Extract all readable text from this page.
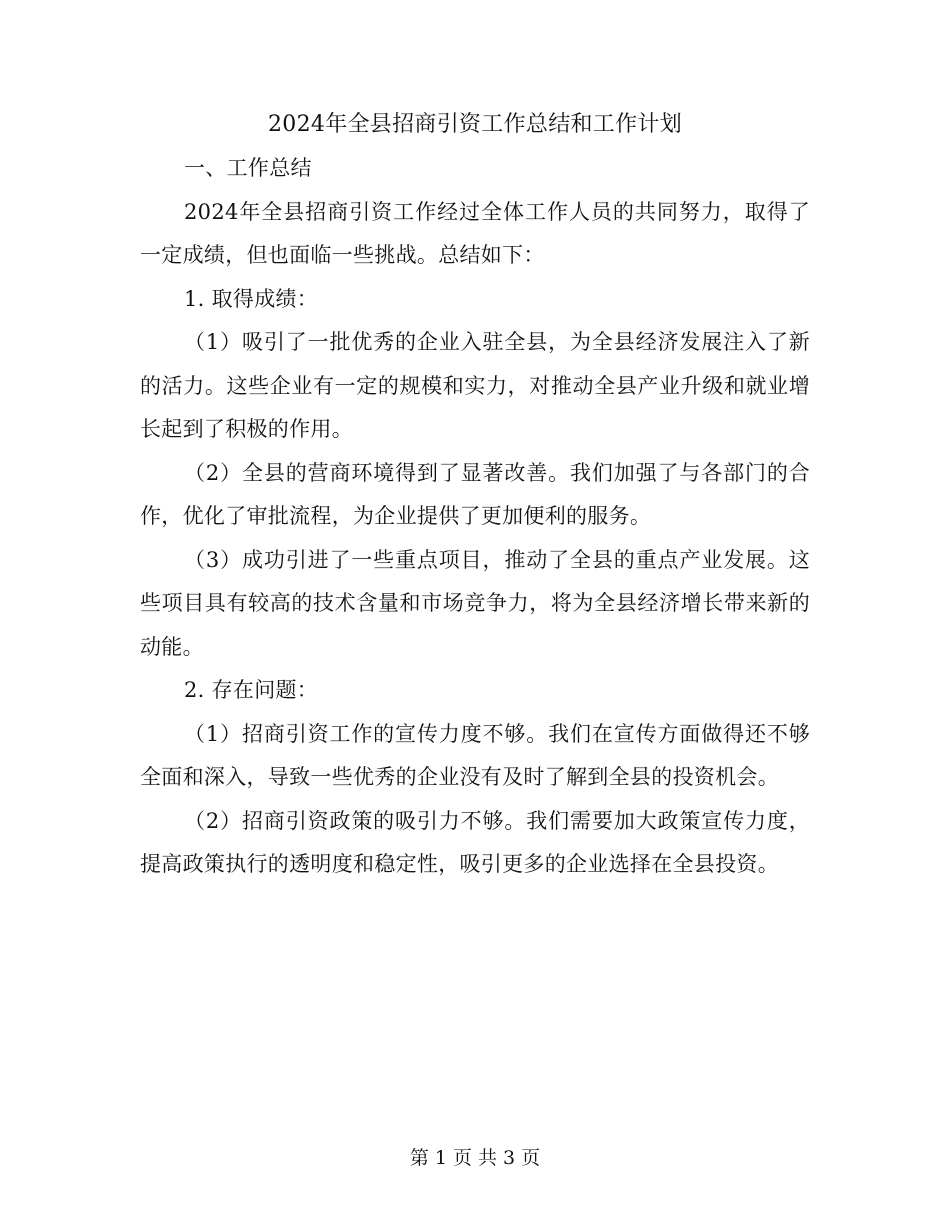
2024年全县招商引资工作总结和工作计划

一、工作总结

2024年全县招商引资工作经过全体工作人员的共同努力，取得了一定成绩，但也面临一些挑战。总结如下：

1. 取得成绩：

（1）吸引了一批优秀的企业入驻全县，为全县经济发展注入了新的活力。这些企业有一定的规模和实力，对推动全县产业升级和就业增长起到了积极的作用。

（2）全县的营商环境得到了显著改善。我们加强了与各部门的合作，优化了审批流程，为企业提供了更加便利的服务。

（3）成功引进了一些重点项目，推动了全县的重点产业发展。这些项目具有较高的技术含量和市场竞争力，将为全县经济增长带来新的动能。

2. 存在问题：

（1）招商引资工作的宣传力度不够。我们在宣传方面做得还不够全面和深入，导致一些优秀的企业没有及时了解到全县的投资机会。

（2）招商引资政策的吸引力不够。我们需要加大政策宣传力度，提高政策执行的透明度和稳定性，吸引更多的企业选择在全县投资。

第 1 页 共 3 页
